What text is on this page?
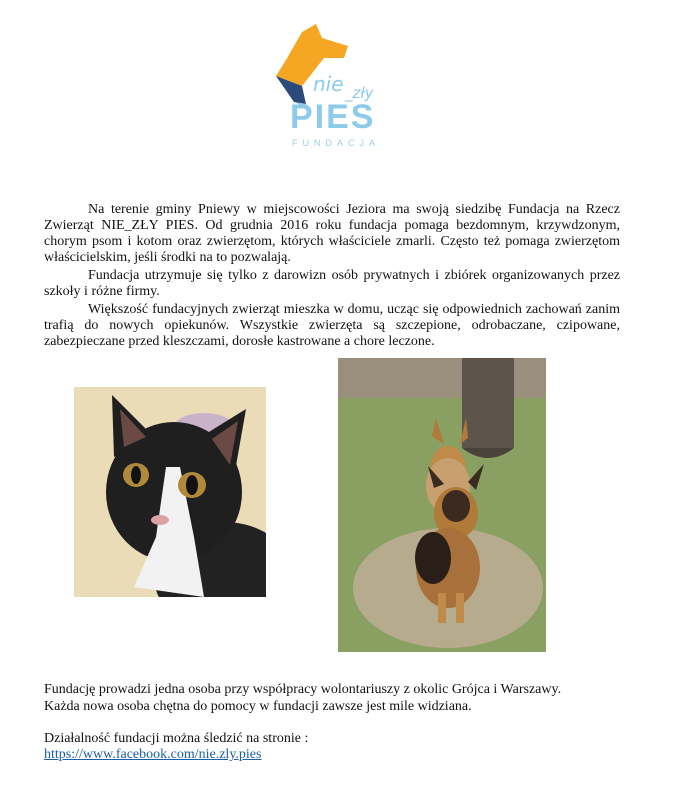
nie _zły
PIES
FUNDACJA

Na terenie gminy Pniewy w miejscowości Jeziora ma swoją siedzibę Fundacja na Rzecz Zwierząt NIE_ZŁY PIES. Od grudnia 2016 roku fundacja pomaga bezdomnym, krzywdzonym, chorym psom i kotom oraz zwierzętom, których właściciele zmarli. Często też pomaga zwierzętom właścicielskim, jeśli środki na to pozwalają.

Fundacja utrzymuje się tylko z darowizn osób prywatnych i zbiórek organizowanych przez szkoły i różne firmy.

Większość fundacyjnych zwierząt mieszka w domu, ucząc się odpowiednich zachowań zanim trafią do nowych opiekunów. Wszystkie zwierzęta są szczepione, odrobaczane, czipowane, zabezpieczane przed kleszczami, dorosłe kastrowane a chore leczone.

Fundację prowadzi jedna osoba przy współpracy wolontariuszy z okolic Grójca i Warszawy.

Każda nowa osoba chętna do pomocy w fundacji zawsze jest mile widziana.

Działalność fundacji można śledzić na stronie :

https://www.facebook.com/nie.zly.pies
